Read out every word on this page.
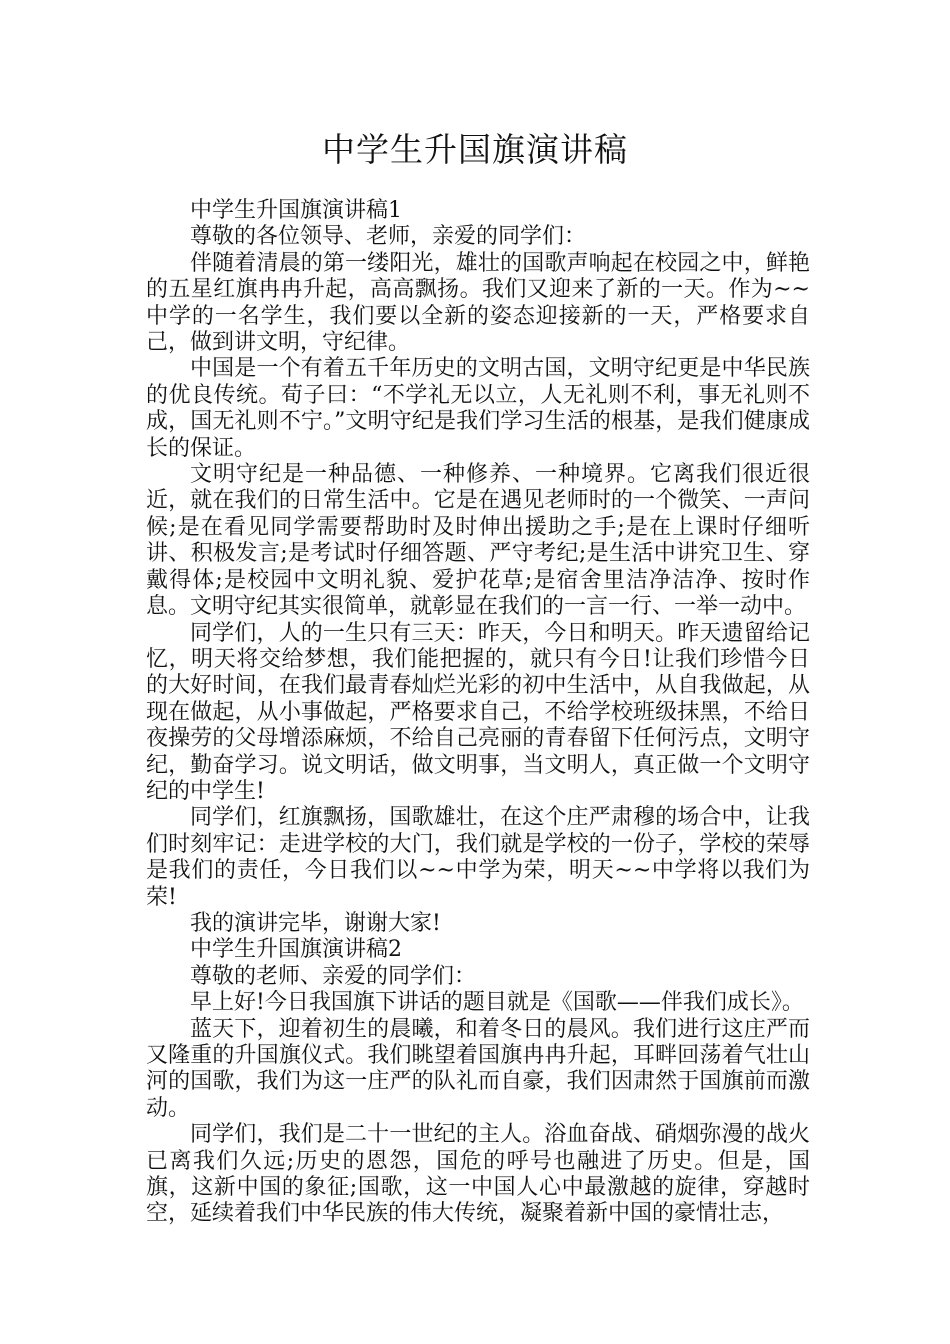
中学生升国旗演讲稿

中学生升国旗演讲稿1

尊敬的各位领导、老师，亲爱的同学们：

伴随着清晨的第一缕阳光，雄壮的国歌声响起在校园之中，鲜艳的五星红旗冉冉升起，高高飘扬。我们又迎来了新的一天。作为~~中学的一名学生，我们要以全新的姿态迎接新的一天，严格要求自己，做到讲文明，守纪律。

中国是一个有着五千年历史的文明古国，文明守纪更是中华民族的优良传统。荀子曰：“不学礼无以立，人无礼则不利，事无礼则不成，国无礼则不宁。”文明守纪是我们学习生活的根基，是我们健康成长的保证。

文明守纪是一种品德、一种修养、一种境界。它离我们很近很近，就在我们的日常生活中。它是在遇见老师时的一个微笑、一声问候;是在看见同学需要帮助时及时伸出援助之手;是在上课时仔细听讲、积极发言;是考试时仔细答题、严守考纪;是生活中讲究卫生、穿戴得体;是校园中文明礼貌、爱护花草;是宿舍里洁净洁净、按时作息。文明守纪其实很简单，就彰显在我们的一言一行、一举一动中。

同学们，人的一生只有三天：昨天，今日和明天。昨天遗留给记忆，明天将交给梦想，我们能把握的，就只有今日!让我们珍惜今日的大好时间，在我们最青春灿烂光彩的初中生活中，从自我做起，从现在做起，从小事做起，严格要求自己，不给学校班级抹黑，不给日夜操劳的父母增添麻烦，不给自己亮丽的青春留下任何污点，文明守纪，勤奋学习。说文明话，做文明事，当文明人，真正做一个文明守纪的中学生!

同学们，红旗飘扬，国歌雄壮，在这个庄严肃穆的场合中，让我们时刻牢记：走进学校的大门，我们就是学校的一份子，学校的荣辱是我们的责任，今日我们以~~中学为荣，明天~~中学将以我们为荣!

我的演讲完毕，谢谢大家!

中学生升国旗演讲稿2

尊敬的老师、亲爱的同学们：

早上好!今日我国旗下讲话的题目就是《国歌——伴我们成长》。

蓝天下，迎着初生的晨曦，和着冬日的晨风。我们进行这庄严而又隆重的升国旗仪式。我们眺望着国旗冉冉升起，耳畔回荡着气壮山河的国歌，我们为这一庄严的队礼而自豪，我们因肃然于国旗前而激动。

同学们，我们是二十一世纪的主人。浴血奋战、硝烟弥漫的战火已离我们久远;历史的恩怨，国危的呼号也融进了历史。但是，国旗，这新中国的象征;国歌，这一中国人心中最激越的旋律，穿越时空，延续着我们中华民族的伟大传统，凝聚着新中国的豪情壮志，
